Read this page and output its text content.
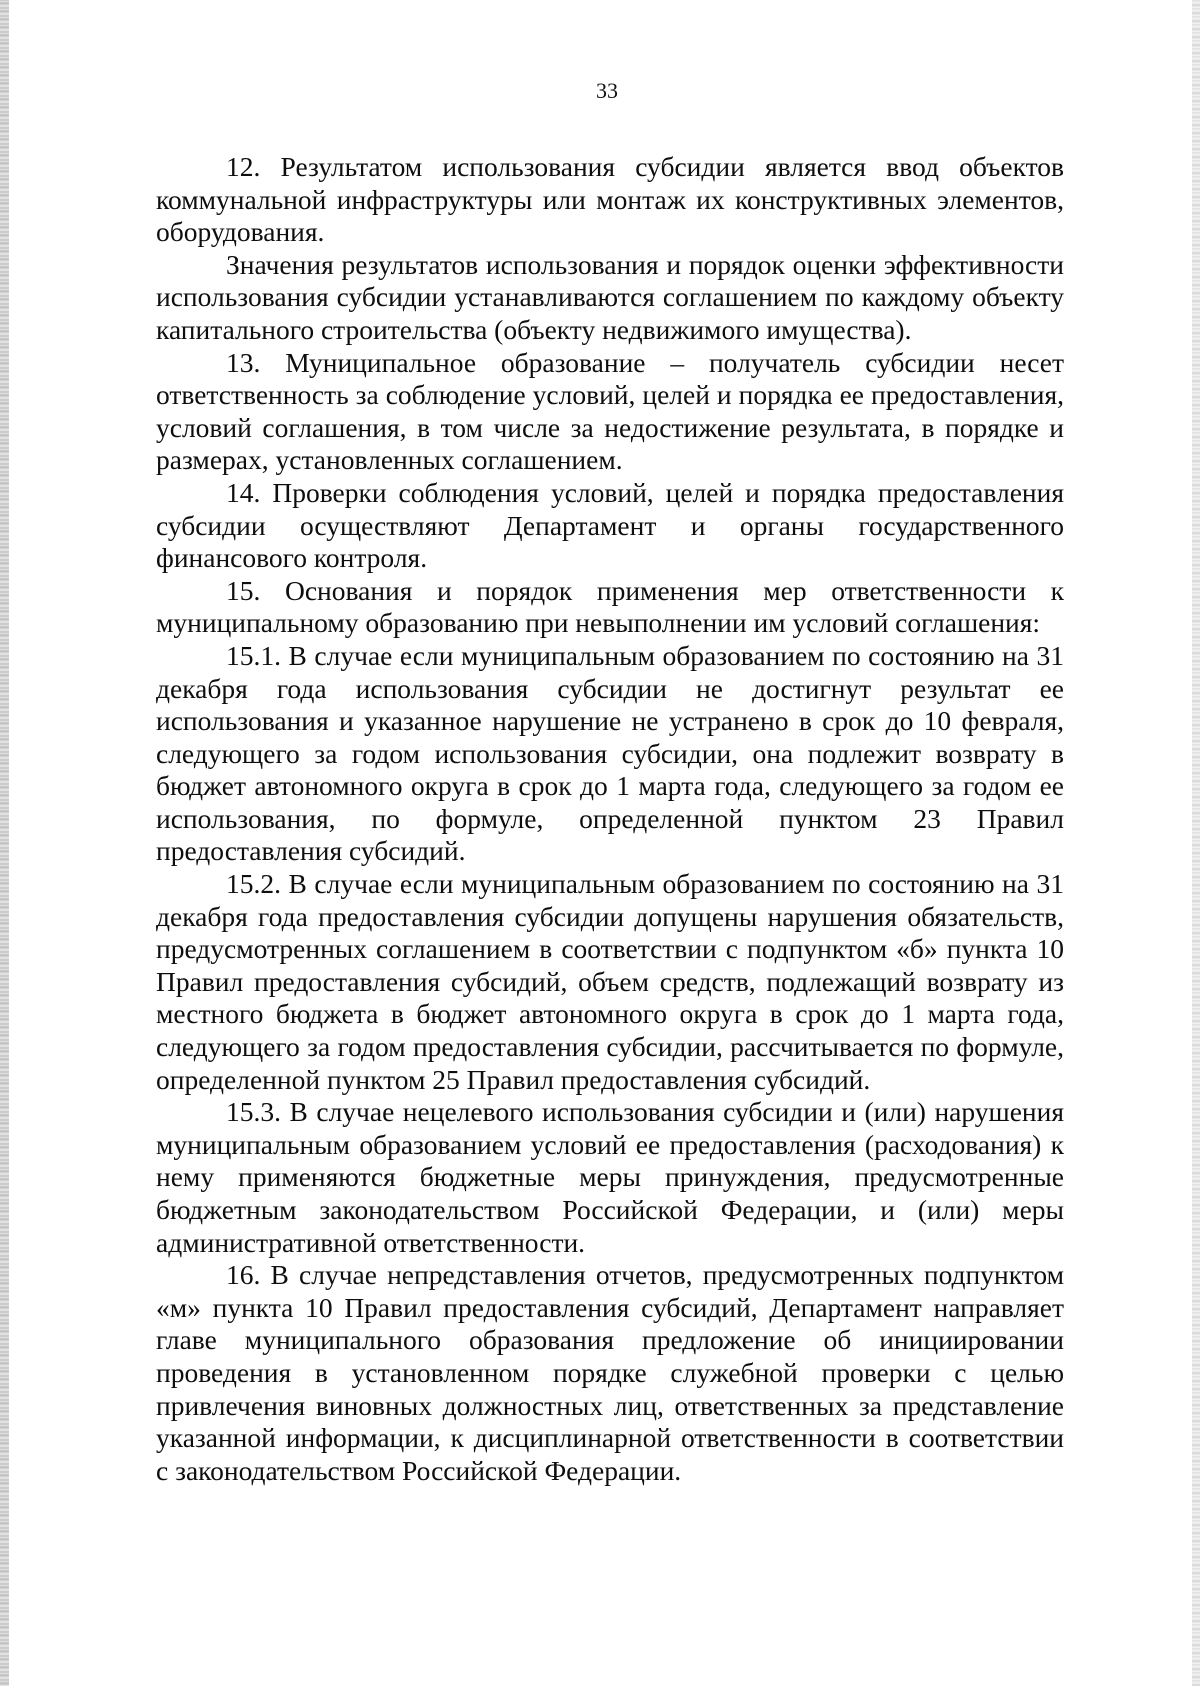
33

12. Результатом использования субсидии является ввод объектов коммунальной инфраструктуры или монтаж их конструктивных элементов, оборудования.

Значения результатов использования и порядок оценки эффективности использования субсидии устанавливаются соглашением по каждому объекту капитального строительства (объекту недвижимого имущества).

13. Муниципальное образование – получатель субсидии несет ответственность за соблюдение условий, целей и порядка ее предоставления, условий соглашения, в том числе за недостижение результата, в порядке и размерах, установленных соглашением.

14. Проверки соблюдения условий, целей и порядка предоставления субсидии осуществляют Департамент и органы государственного финансового контроля.

15. Основания и порядок применения мер ответственности к муниципальному образованию при невыполнении им условий соглашения:

15.1. В случае если муниципальным образованием по состоянию на 31 декабря года использования субсидии не достигнут результат ее использования и указанное нарушение не устранено в срок до 10 февраля, следующего за годом использования субсидии, она подлежит возврату в бюджет автономного округа в срок до 1 марта года, следующего за годом ее использования, по формуле, определенной пунктом 23 Правил предоставления субсидий.

15.2. В случае если муниципальным образованием по состоянию на 31 декабря года предоставления субсидии допущены нарушения обязательств, предусмотренных соглашением в соответствии с подпунктом «б» пункта 10 Правил предоставления субсидий, объем средств, подлежащий возврату из местного бюджета в бюджет автономного округа в срок до 1 марта года, следующего за годом предоставления субсидии, рассчитывается по формуле, определенной пунктом 25 Правил предоставления субсидий.

15.3. В случае нецелевого использования субсидии и (или) нарушения муниципальным образованием условий ее предоставления (расходования) к нему применяются бюджетные меры принуждения, предусмотренные бюджетным законодательством Российской Федерации, и (или) меры административной ответственности.

16. В случае непредставления отчетов, предусмотренных подпунктом «м» пункта 10 Правил предоставления субсидий, Департамент направляет главе муниципального образования предложение об инициировании проведения в установленном порядке служебной проверки с целью привлечения виновных должностных лиц, ответственных за представление указанной информации, к дисциплинарной ответственности в соответствии с законодательством Российской Федерации.
